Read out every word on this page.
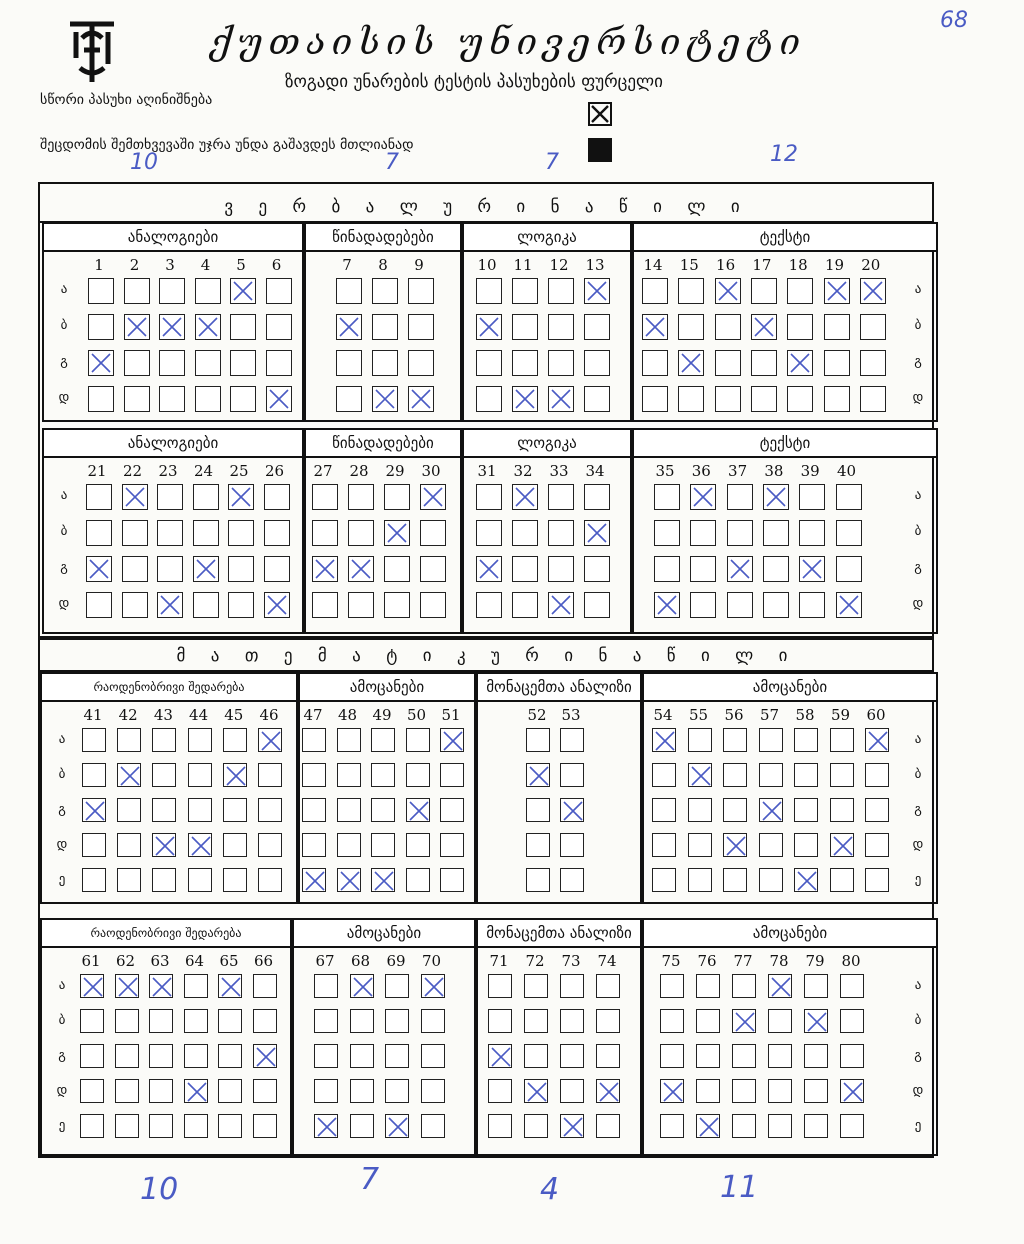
ქუთაისის უნივერსიტეტი
ზოგადი უნარების ტესტის პასუხების ფურცელი
68
სწორი პასუხი აღინიშნება
შეცდომის შემთხვევაში უჯრა უნდა გაშავდეს მთლიანად
10	7	7	12
ვ ე რ ბ ა ლ უ რ ი ნ ა წ ი ლ ი
მ ა თ ე მ ა ტ ი კ უ რ ი ნ ა წ ი ლ ი
ანალოგიები
1	2	3	4	5	6
ა
ბ
გ
დ
წინადადებები
7	8	9
ლოგიკა
10	11	12	13
ტექსტი
14	15	16	17	18	19	20
ა
ბ
გ
დ
ანალოგიები
21	22	23	24	25	26
ა
ბ
გ
დ
წინადადებები
27	28	29	30
ლოგიკა
31	32	33	34
ტექსტი
35	36	37	38	39	40
ა
ბ
გ
დ
რაოდენობრივი შედარება
41	42	43	44	45	46
ა
ბ
გ
დ
ე
ამოცანები
47	48	49	50	51
მონაცემთა ანალიზი
52 53
ამოცანები
54	55	56	57	58	59	60
ა
ბ
გ
დ
ე
რაოდენობრივი შედარება
61	62	63	64	65	66
ა
ბ
გ
დ
ე
ამოცანები
67	68	69	70
მონაცემთა ანალიზი
71	72	73	74
ამოცანები
75	76	77	78	79	80
ა
ბ
გ
დ
ე
10	7	4	11
